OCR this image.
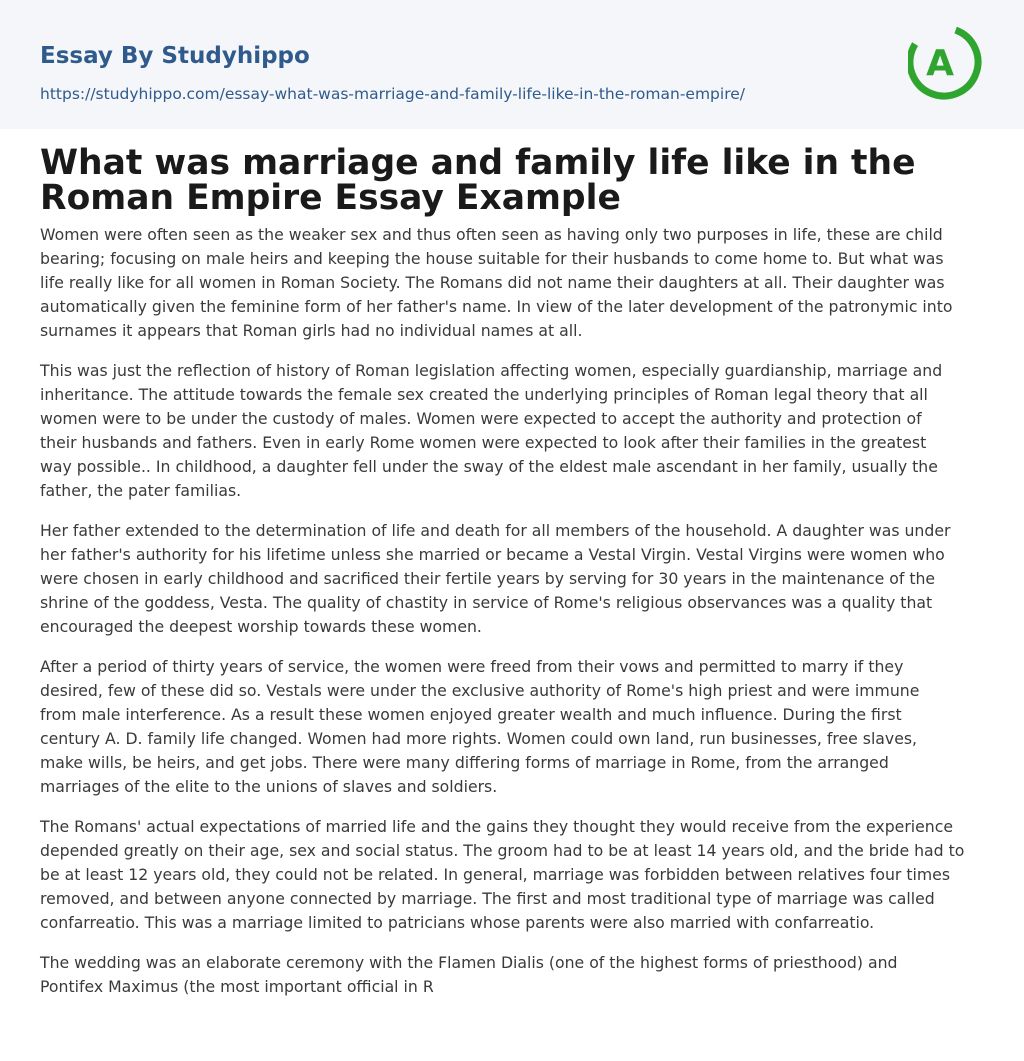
Essay By Studyhippo
https://studyhippo.com/essay-what-was-marriage-and-family-life-like-in-the-roman-empire/
A
What was marriage and family life like in the
Roman Empire Essay Example

Women were often seen as the weaker sex and thus often seen as having only two purposes in life, these are child
bearing; focusing on male heirs and keeping the house suitable for their husbands to come home to. But what was
life really like for all women in Roman Society. The Romans did not name their daughters at all. Their daughter was
automatically given the feminine form of her father's name. In view of the later development of the patronymic into
surnames it appears that Roman girls had no individual names at all.

This was just the reflection of history of Roman legislation affecting women, especially guardianship, marriage and
inheritance. The attitude towards the female sex created the underlying principles of Roman legal theory that all
women were to be under the custody of males. Women were expected to accept the authority and protection of
their husbands and fathers. Even in early Rome women were expected to look after their families in the greatest
way possible.. In childhood, a daughter fell under the sway of the eldest male ascendant in her family, usually the
father, the pater familias.

Her father extended to the determination of life and death for all members of the household. A daughter was under
her father's authority for his lifetime unless she married or became a Vestal Virgin. Vestal Virgins were women who
were chosen in early childhood and sacrificed their fertile years by serving for 30 years in the maintenance of the
shrine of the goddess, Vesta. The quality of chastity in service of Rome's religious observances was a quality that
encouraged the deepest worship towards these women.

After a period of thirty years of service, the women were freed from their vows and permitted to marry if they
desired, few of these did so. Vestals were under the exclusive authority of Rome's high priest and were immune
from male interference. As a result these women enjoyed greater wealth and much influence. During the first
century A. D. family life changed. Women had more rights. Women could own land, run businesses, free slaves,
make wills, be heirs, and get jobs. There were many differing forms of marriage in Rome, from the arranged
marriages of the elite to the unions of slaves and soldiers.

The Romans' actual expectations of married life and the gains they thought they would receive from the experience
depended greatly on their age, sex and social status. The groom had to be at least 14 years old, and the bride had to
be at least 12 years old, they could not be related. In general, marriage was forbidden between relatives four times
removed, and between anyone connected by marriage. The first and most traditional type of marriage was called
confarreatio. This was a marriage limited to patricians whose parents were also married with confarreatio.

The wedding was an elaborate ceremony with the Flamen Dialis (one of the highest forms of priesthood) and
Pontifex Maximus (the most important official in R
